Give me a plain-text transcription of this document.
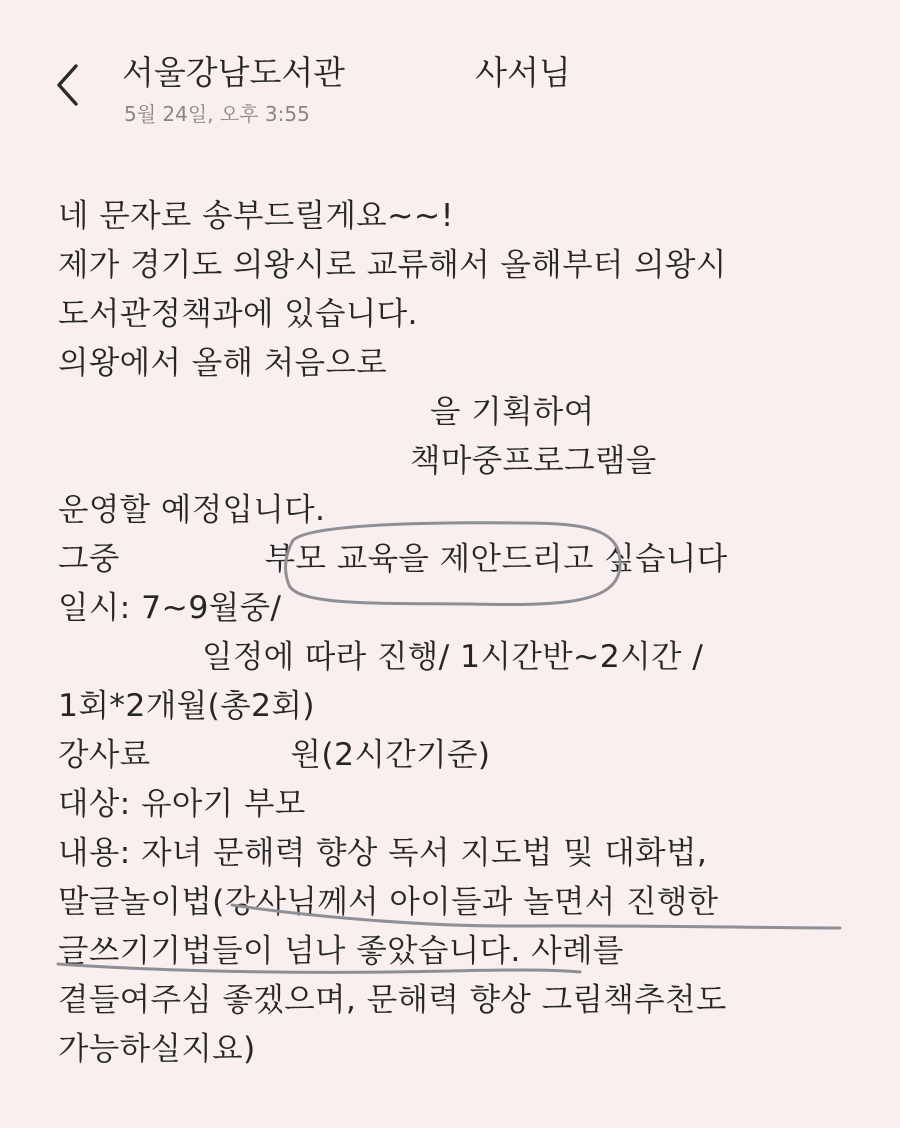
서울강남도서관	사서님
5월 24일, 오후 3:55
네 문자로 송부드릴게요~~!
제가 경기도 의왕시로 교류해서 올해부터 의왕시
도서관정책과에 있습니다.
의왕에서 올해 처음으로
을 기획하여
책마중프로그램을
운영할 예정입니다.
그중	부모 교육을 제안드리고 싶습니다
일시: 7~9월중/
일정에 따라 진행/ 1시간반~2시간 /
1회*2개월(총2회)
강사료	원(2시간기준)
대상: 유아기 부모
내용: 자녀 문해력 향상 독서 지도법 및 대화법,
말글놀이법(강사님께서 아이들과 놀면서 진행한
글쓰기기법들이 넘나 좋았습니다. 사례를
곁들여주심 좋겠으며, 문해력 향상 그림책추천도
가능하실지요)
